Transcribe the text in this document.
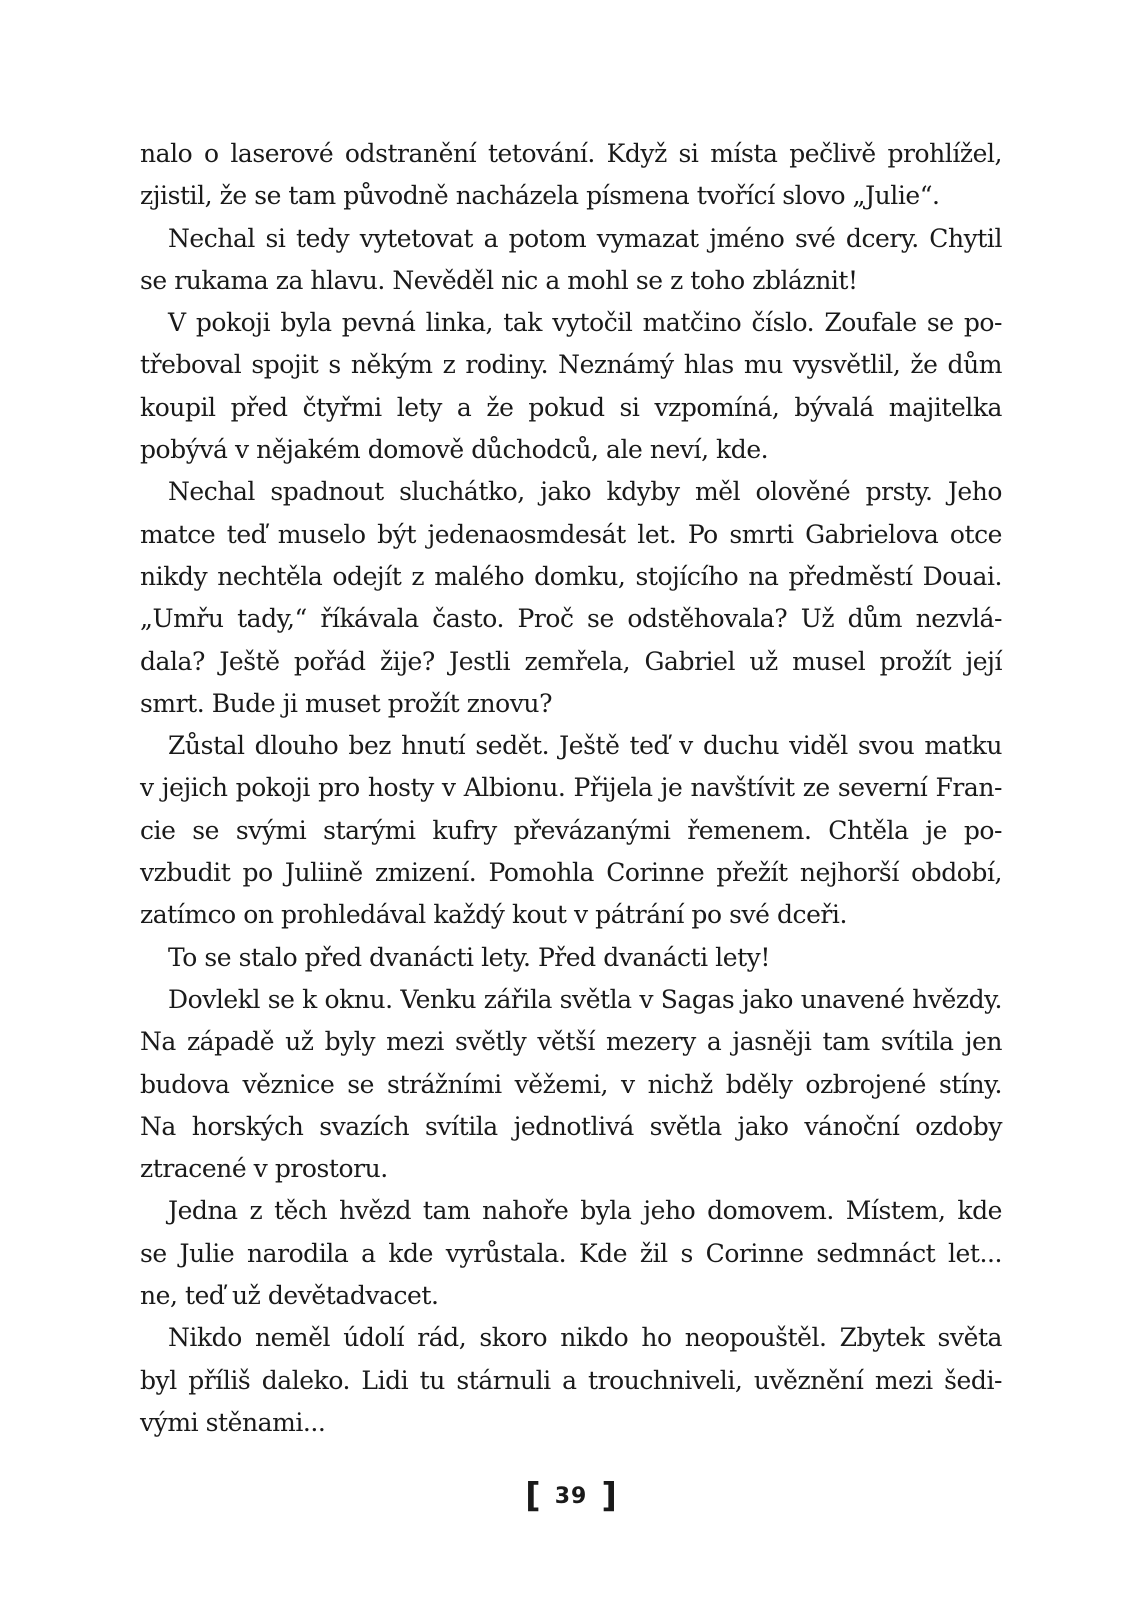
nalo o laserové odstranění tetování. Když si místa pečlivě prohlížel,
zjistil, že se tam původně nacházela písmena tvořící slovo „Julie“.
Nechal si tedy vytetovat a potom vymazat jméno své dcery. Chytil
se rukama za hlavu. Nevěděl nic a mohl se z toho zbláznit!
V pokoji byla pevná linka, tak vytočil matčino číslo. Zoufale se po-
třeboval spojit s někým z rodiny. Neznámý hlas mu vysvětlil, že dům
koupil před čtyřmi lety a že pokud si vzpomíná, bývalá majitelka
pobývá v nějakém domově důchodců, ale neví, kde.
Nechal spadnout sluchátko, jako kdyby měl olověné prsty. Jeho
matce teď muselo být jedenaosmdesát let. Po smrti Gabrielova otce
nikdy nechtěla odejít z malého domku, stojícího na předměstí Douai.
„Umřu tady,“ říkávala často. Proč se odstěhovala? Už dům nezvlá-
dala? Ještě pořád žije? Jestli zemřela, Gabriel už musel prožít její
smrt. Bude ji muset prožít znovu?
Zůstal dlouho bez hnutí sedět. Ještě teď v duchu viděl svou matku
v jejich pokoji pro hosty v Albionu. Přijela je navštívit ze severní Fran-
cie se svými starými kufry převázanými řemenem. Chtěla je po-
vzbudit po Juliině zmizení. Pomohla Corinne přežít nejhorší období,
zatímco on prohledával každý kout v pátrání po své dceři.
To se stalo před dvanácti lety. Před dvanácti lety!
Dovlekl se k oknu. Venku zářila světla v Sagas jako unavené hvězdy.
Na západě už byly mezi světly větší mezery a jasněji tam svítila jen
budova věznice se strážními věžemi, v nichž bděly ozbrojené stíny.
Na horských svazích svítila jednotlivá světla jako vánoční ozdoby
ztracené v prostoru.
Jedna z těch hvězd tam nahoře byla jeho domovem. Místem, kde
se Julie narodila a kde vyrůstala. Kde žil s Corinne sedmnáct let...
ne, teď už devětadvacet.
Nikdo neměl údolí rád, skoro nikdo ho neopouštěl. Zbytek světa
byl příliš daleko. Lidi tu stárnuli a trouchniveli, uvěznění mezi šedi-
vými stěnami...
[ 39 ]
